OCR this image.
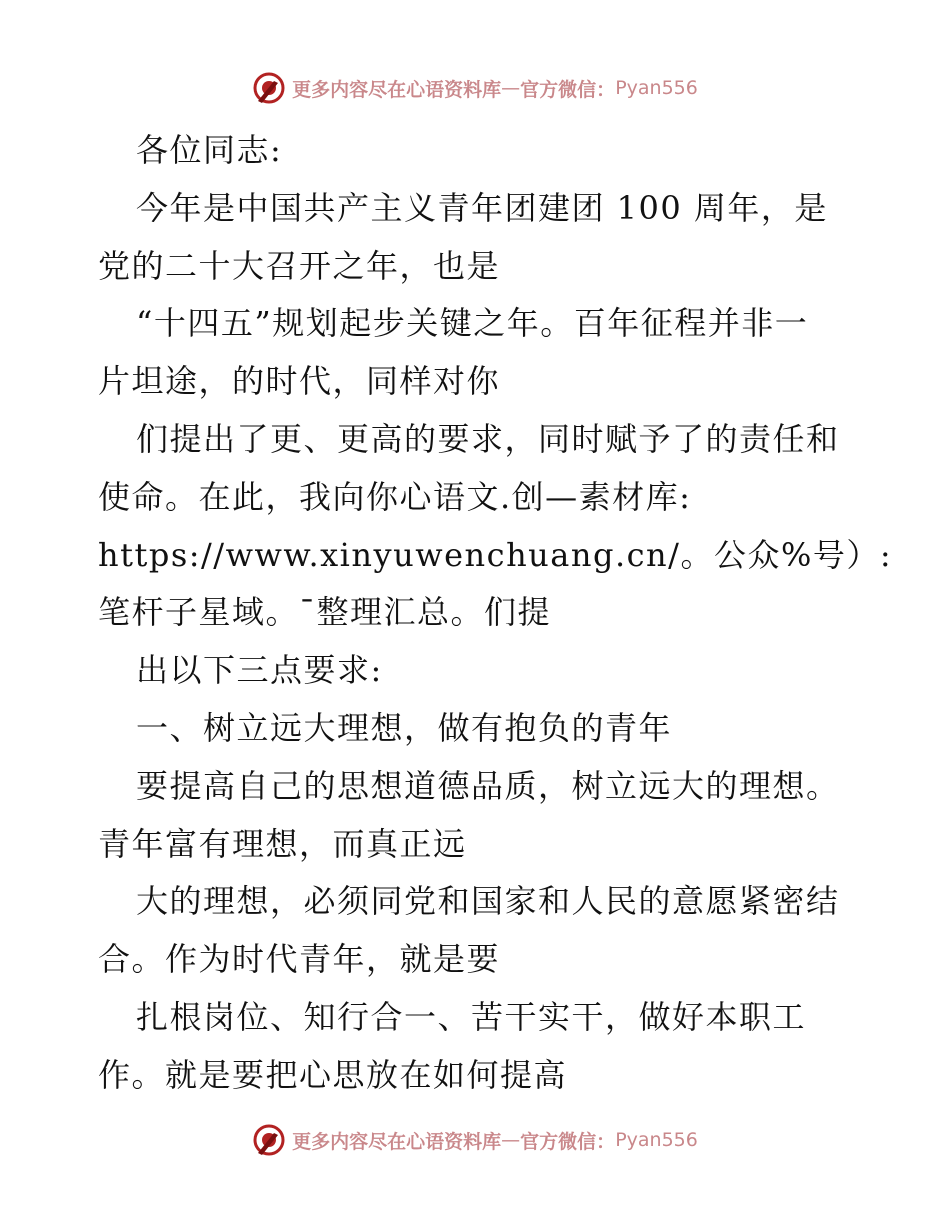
更多内容尽在心语资料库 — 官方微信： Pyan556
各位同志:
今年是中国共产主义青年团建团 100 周年，是
党的二十大召开之年，也是
“十四五”规划起步关键之年。百年征程并非一
片坦途，的时代，同样对你
们提出了更、更高的要求，同时赋予了的责任和
使命。在此，我向你心语文.创—素材库:
https://www.xinyuwenchuang.cn/。公众%号）:
笔杆子星域。¯整理汇总。们提
出以下三点要求:
一、树立远大理想，做有抱负的青年
要提高自己的思想道德品质，树立远大的理想。
青年富有理想，而真正远
大的理想，必须同党和国家和人民的意愿紧密结
合。作为时代青年，就是要
扎根岗位、知行合一、苦干实干，做好本职工
作。就是要把心思放在如何提高
更多内容尽在心语资料库 — 官方微信： Pyan556
